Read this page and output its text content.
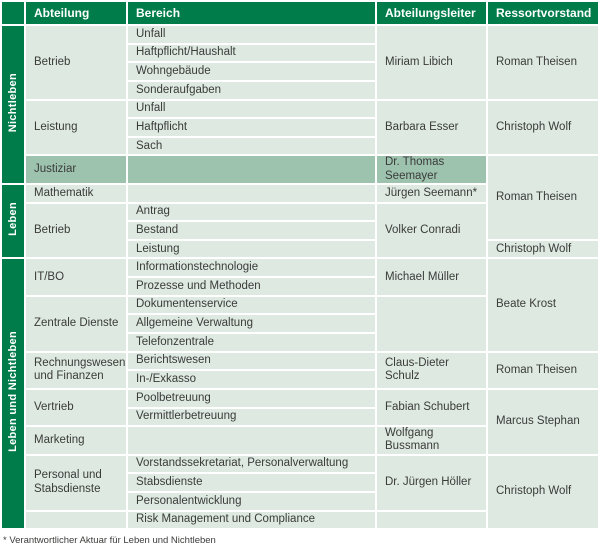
	Abteilung	Bereich	Abteilungsleiter	Ressortvorstand
Nichtleben	Betrieb	Unfall	Miriam Libich	Roman Theisen
		Haftpflicht/Haushalt		
		Wohngebäude		
		Sonderaufgaben		
	Leistung	Unfall	Barbara Esser	Christoph Wolf
		Haftpflicht		
		Sach		
	Justiziar		Dr. Thomas Seemayer	Roman Theisen
Leben	Mathematik		Jürgen Seemann*	
	Betrieb	Antrag	Volker Conradi	
		Bestand		
		Leistung		Christoph Wolf
Leben und Nichtleben	IT/BO	Informationstechnologie	Michael Müller	Beate Krost
		Prozesse und Methoden		
	Zentrale Dienste	Dokumentenservice		
		Allgemeine Verwaltung		
		Telefonzentrale		
	Rechnungswesen und Finanzen	Berichtswesen	Claus-Dieter Schulz	Roman Theisen
		In-/Exkasso		
	Vertrieb	Poolbetreuung	Fabian Schubert	Marcus Stephan
		Vermittlerbetreuung		
	Marketing		Wolfgang Bussmann	
	Personal und Stabsdienste	Vorstandssekretariat, Personalverwaltung	Dr. Jürgen Höller	Christoph Wolf
		Stabsdienste		
		Personalentwicklung		
		Risk Management und Compliance		
* Verantwortlicher Aktuar für Leben und Nichtleben
